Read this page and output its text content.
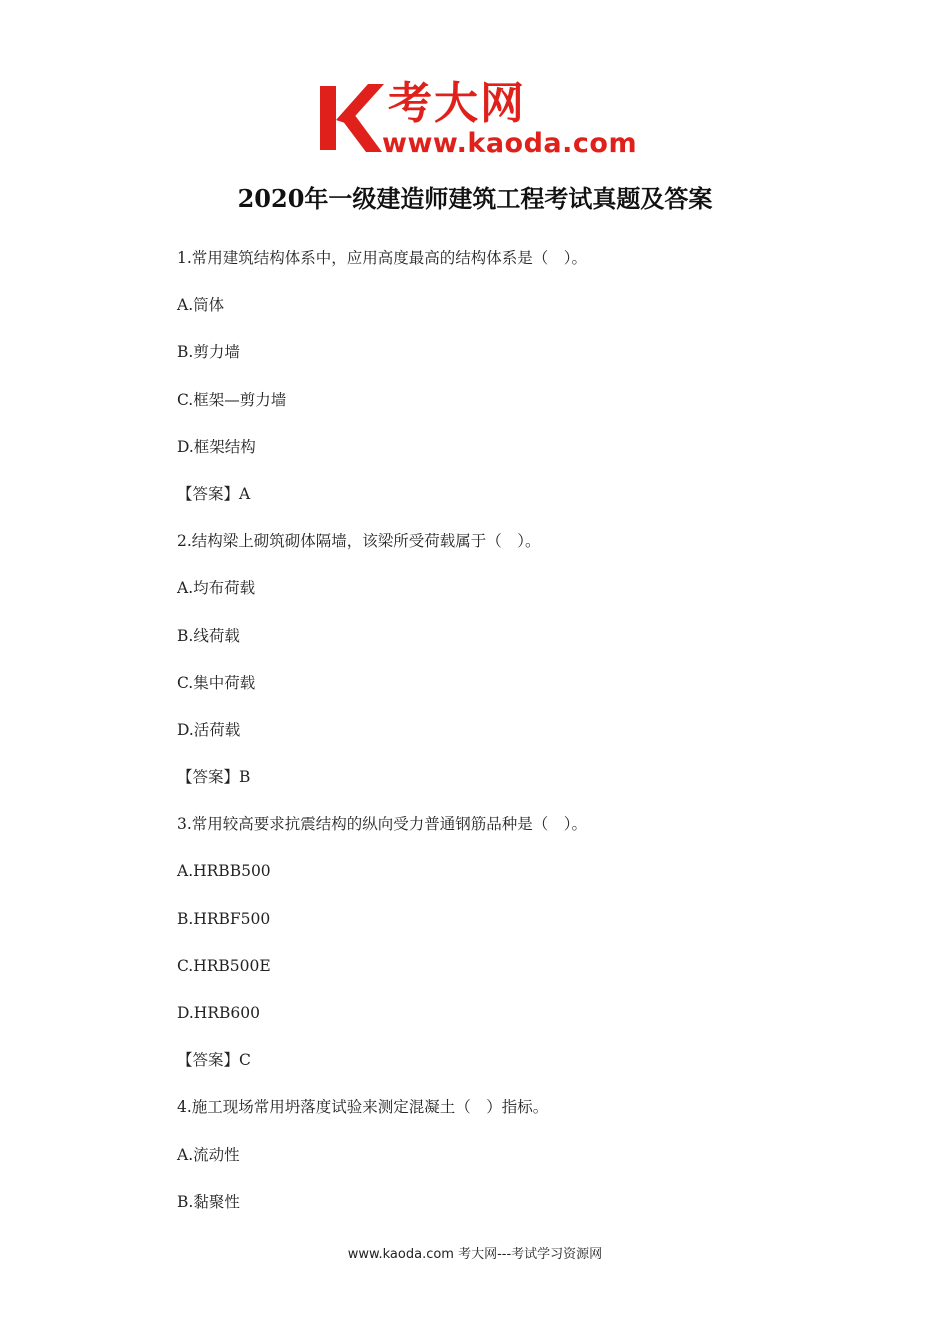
考大网
www.kaoda.com
2020年一级建造师建筑工程考试真题及答案
1.常用建筑结构体系中，应用高度最高的结构体系是（　）。
A.筒体
B.剪力墙
C.框架—剪力墙
D.框架结构
【答案】A
2.结构梁上砌筑砌体隔墙，该梁所受荷载属于（　）。
A.均布荷载
B.线荷载
C.集中荷载
D.活荷载
【答案】B
3.常用较高要求抗震结构的纵向受力普通钢筋品种是（　）。
A.HRBB500
B.HRBF500
C.HRB500E
D.HRB600
【答案】C
4.施工现场常用坍落度试验来测定混凝土（　）指标。
A.流动性
B.黏聚性
www.kaoda.com 考大网---考试学习资源网
